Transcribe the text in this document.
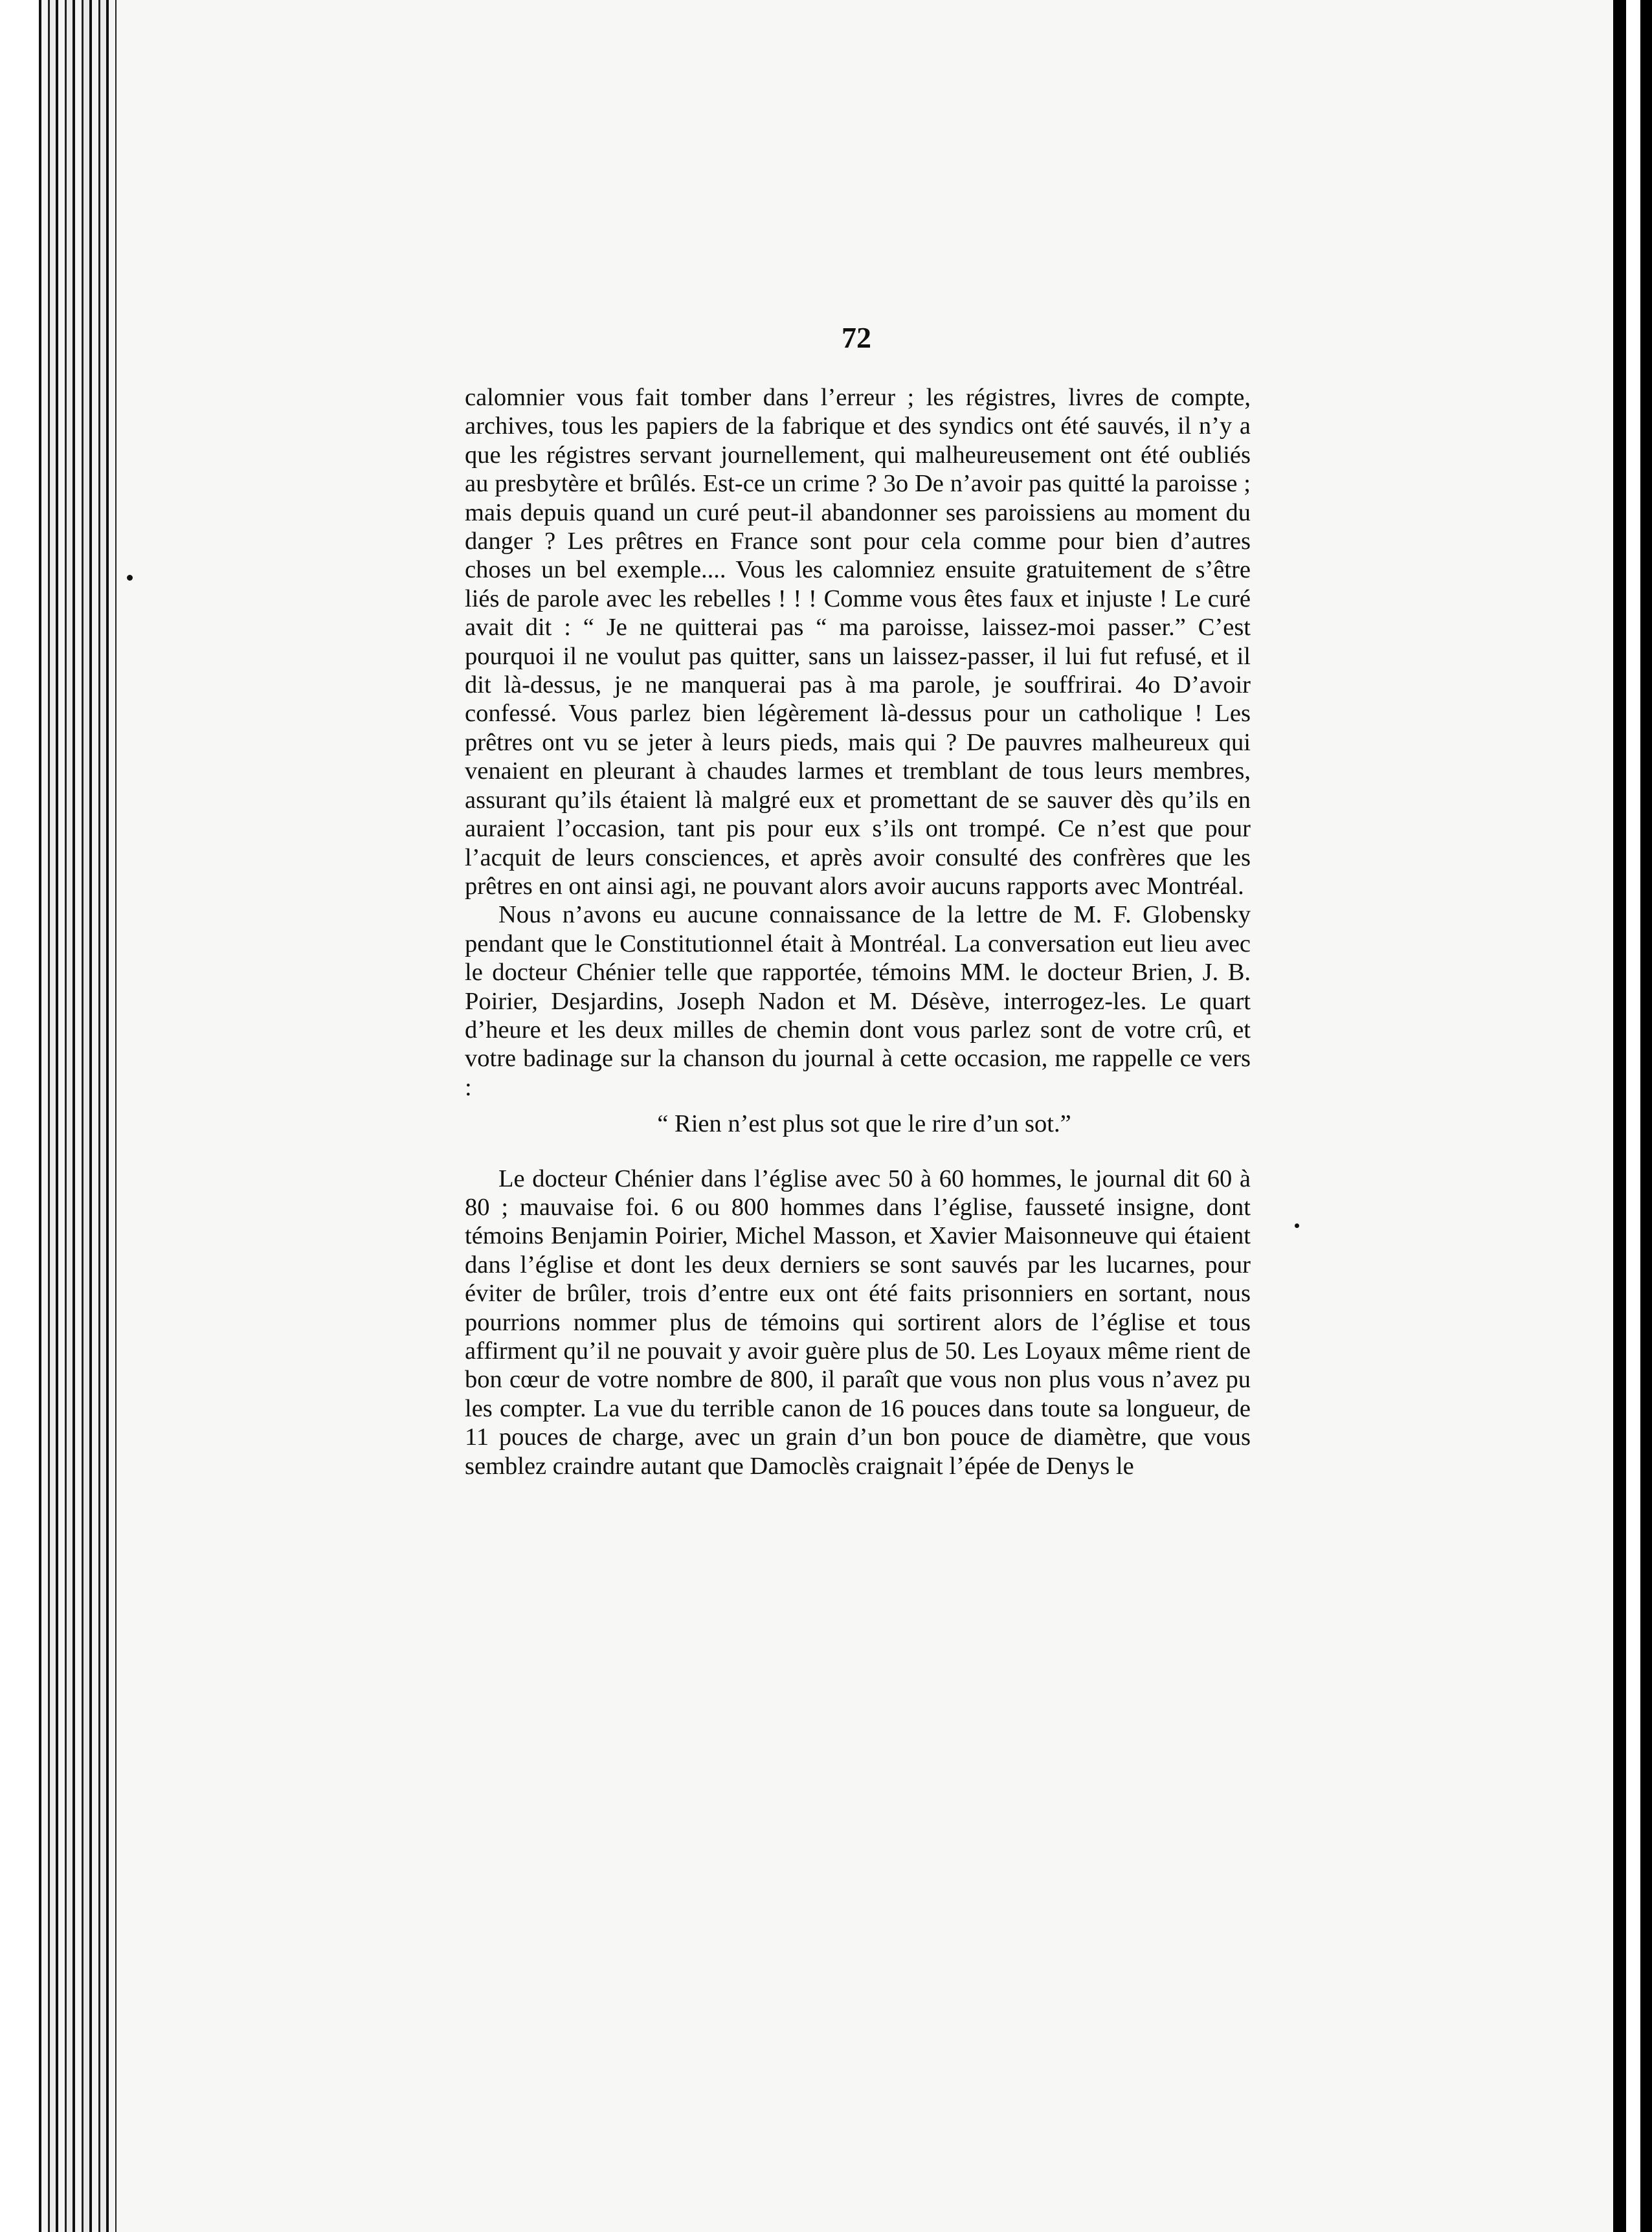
72

calomnier vous fait tomber dans l’erreur ; les régistres, livres de compte, archives, tous les papiers de la fabrique et des syndics ont été sauvés, il n’y a que les régistres servant journellement, qui malheureusement ont été oubliés au presbytère et brûlés. Est-ce un crime ? 3o De n’avoir pas quitté la paroisse ; mais depuis quand un curé peut-il abandonner ses paroissiens au moment du danger ? Les prêtres en France sont pour cela comme pour bien d’autres choses un bel exemple.... Vous les calomniez ensuite gratuitement de s’être liés de parole avec les rebelles ! ! ! Comme vous êtes faux et injuste ! Le curé avait dit : “ Je ne quitterai pas “ ma paroisse, laissez-moi passer.” C’est pourquoi il ne voulut pas quitter, sans un laissez-passer, il lui fut refusé, et il dit là-dessus, je ne manquerai pas à ma parole, je souffrirai. 4o D’avoir confessé. Vous parlez bien légèrement là-dessus pour un catholique ! Les prêtres ont vu se jeter à leurs pieds, mais qui ? De pauvres malheureux qui venaient en pleurant à chaudes larmes et tremblant de tous leurs membres, assurant qu’ils étaient là malgré eux et promettant de se sauver dès qu’ils en auraient l’occasion, tant pis pour eux s’ils ont trompé. Ce n’est que pour l’acquit de leurs consciences, et après avoir consulté des confrères que les prêtres en ont ainsi agi, ne pouvant alors avoir aucuns rapports avec Montréal.

Nous n’avons eu aucune connaissance de la lettre de M. F. Globensky pendant que le Constitutionnel était à Montréal. La conversation eut lieu avec le docteur Chénier telle que rapportée, témoins MM. le docteur Brien, J. B. Poirier, Desjardins, Joseph Nadon et M. Désève, interrogez-les. Le quart d’heure et les deux milles de chemin dont vous parlez sont de votre crû, et votre badinage sur la chanson du journal à cette occasion, me rappelle ce vers :

“ Rien n’est plus sot que le rire d’un sot.”

Le docteur Chénier dans l’église avec 50 à 60 hommes, le journal dit 60 à 80 ; mauvaise foi. 6 ou 800 hommes dans l’église, fausseté insigne, dont témoins Benjamin Poirier, Michel Masson, et Xavier Maisonneuve qui étaient dans l’église et dont les deux derniers se sont sauvés par les lucarnes, pour éviter de brûler, trois d’entre eux ont été faits prisonniers en sortant, nous pourrions nommer plus de témoins qui sortirent alors de l’église et tous affirment qu’il ne pouvait y avoir guère plus de 50. Les Loyaux même rient de bon cœur de votre nombre de 800, il paraît que vous non plus vous n’avez pu les compter. La vue du terrible canon de 16 pouces dans toute sa longueur, de 11 pouces de charge, avec un grain d’un bon pouce de diamètre, que vous semblez craindre autant que Damoclès craignait l’épée de Denys le
